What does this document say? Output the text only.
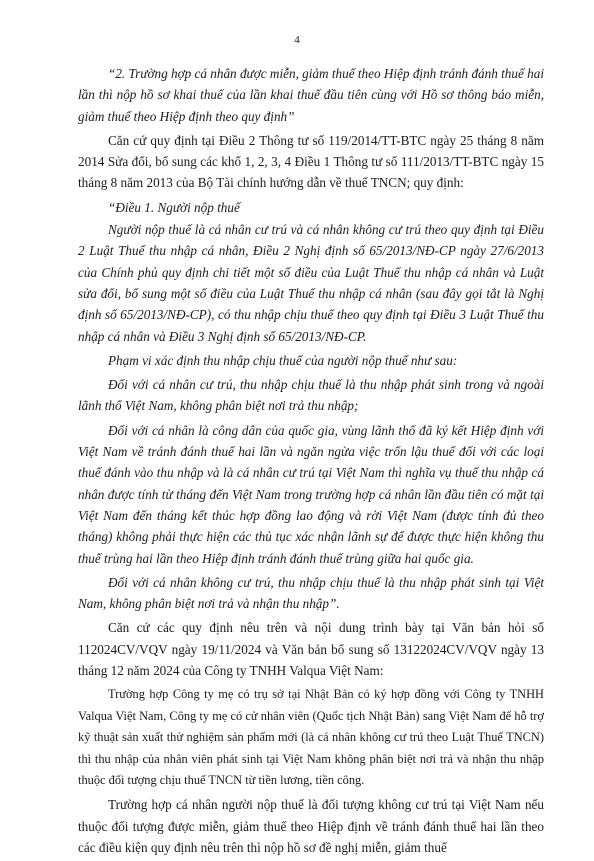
4

“2. Trường hợp cá nhân được miễn, giảm thuế theo Hiệp định tránh đánh thuế hai lần thì nộp hồ sơ khai thuế của lần khai thuế đầu tiên cùng với Hồ sơ thông báo miễn, giảm thuế theo Hiệp định theo quy định”

Căn cứ quy định tại Điều 2 Thông tư số 119/2014/TT-BTC ngày 25 tháng 8 năm 2014 Sửa đổi, bổ sung các khổ 1, 2, 3, 4 Điều 1 Thông tư số 111/2013/TT-BTC ngày 15 tháng 8 năm 2013 của Bộ Tài chính hướng dẫn về thuế TNCN; quy định:

“Điều 1. Người nộp thuế

Người nộp thuế là cá nhân cư trú và cá nhân không cư trú theo quy định tại Điều 2 Luật Thuế thu nhập cá nhân, Điều 2 Nghị định số 65/2013/NĐ-CP ngày 27/6/2013 của Chính phủ quy định chi tiết một số điều của Luật Thuế thu nhập cá nhân và Luật sửa đổi, bổ sung một số điều của Luật Thuế thu nhập cá nhân (sau đây gọi tắt là Nghị định số 65/2013/NĐ-CP), có thu nhập chịu thuế theo quy định tại Điều 3 Luật Thuế thu nhập cá nhân và Điều 3 Nghị định số 65/2013/NĐ-CP.

Phạm vi xác định thu nhập chịu thuế của người nộp thuế như sau:

Đối với cá nhân cư trú, thu nhập chịu thuế là thu nhập phát sinh trong và ngoài lãnh thổ Việt Nam, không phân biệt nơi trả thu nhập;

Đối với cá nhân là công dân của quốc gia, vùng lãnh thổ đã ký kết Hiệp định với Việt Nam về tránh đánh thuế hai lần và ngăn ngừa việc trốn lậu thuế đối với các loại thuế đánh vào thu nhập và là cá nhân cư trú tại Việt Nam thì nghĩa vụ thuế thu nhập cá nhân được tính từ tháng đến Việt Nam trong trường hợp cá nhân lần đầu tiên có mặt tại Việt Nam đến tháng kết thúc hợp đồng lao động và rời Việt Nam (được tính đủ theo tháng) không phải thực hiện các thủ tục xác nhận lãnh sự để được thực hiện không thu thuế trùng hai lần theo Hiệp định tránh đánh thuế trùng giữa hai quốc gia.

Đối với cá nhân không cư trú, thu nhập chịu thuế là thu nhập phát sinh tại Việt Nam, không phân biệt nơi trả và nhận thu nhập”.

Căn cứ các quy định nêu trên và nội dung trình bày tại Văn bản hỏi số 112024CV/VQV ngày 19/11/2024 và Văn bản bổ sung số 13122024CV/VQV ngày 13 tháng 12 năm 2024 của Công ty TNHH Valqua Việt Nam:

Trường hợp Công ty mẹ có trụ sở tại Nhật Bản có ký hợp đồng với Công ty TNHH Valqua Việt Nam, Công ty mẹ có cử nhân viên (Quốc tịch Nhật Bản) sang Việt Nam để hỗ trợ kỹ thuật sản xuất thử nghiệm sản phẩm mới (là cá nhân không cư trú theo Luật Thuế TNCN) thì thu nhập của nhân viên phát sinh tại Việt Nam không phân biệt nơi trả và nhận thu nhập thuộc đối tượng chịu thuế TNCN từ tiền lương, tiền công.

Trường hợp cá nhân người nộp thuế là đối tượng không cư trú tại Việt Nam nếu thuộc đối tượng được miễn, giảm thuế theo Hiệp định về tránh đánh thuế hai lần theo các điều kiện quy định nêu trên thì nộp hồ sơ đề nghị miễn, giảm thuế
